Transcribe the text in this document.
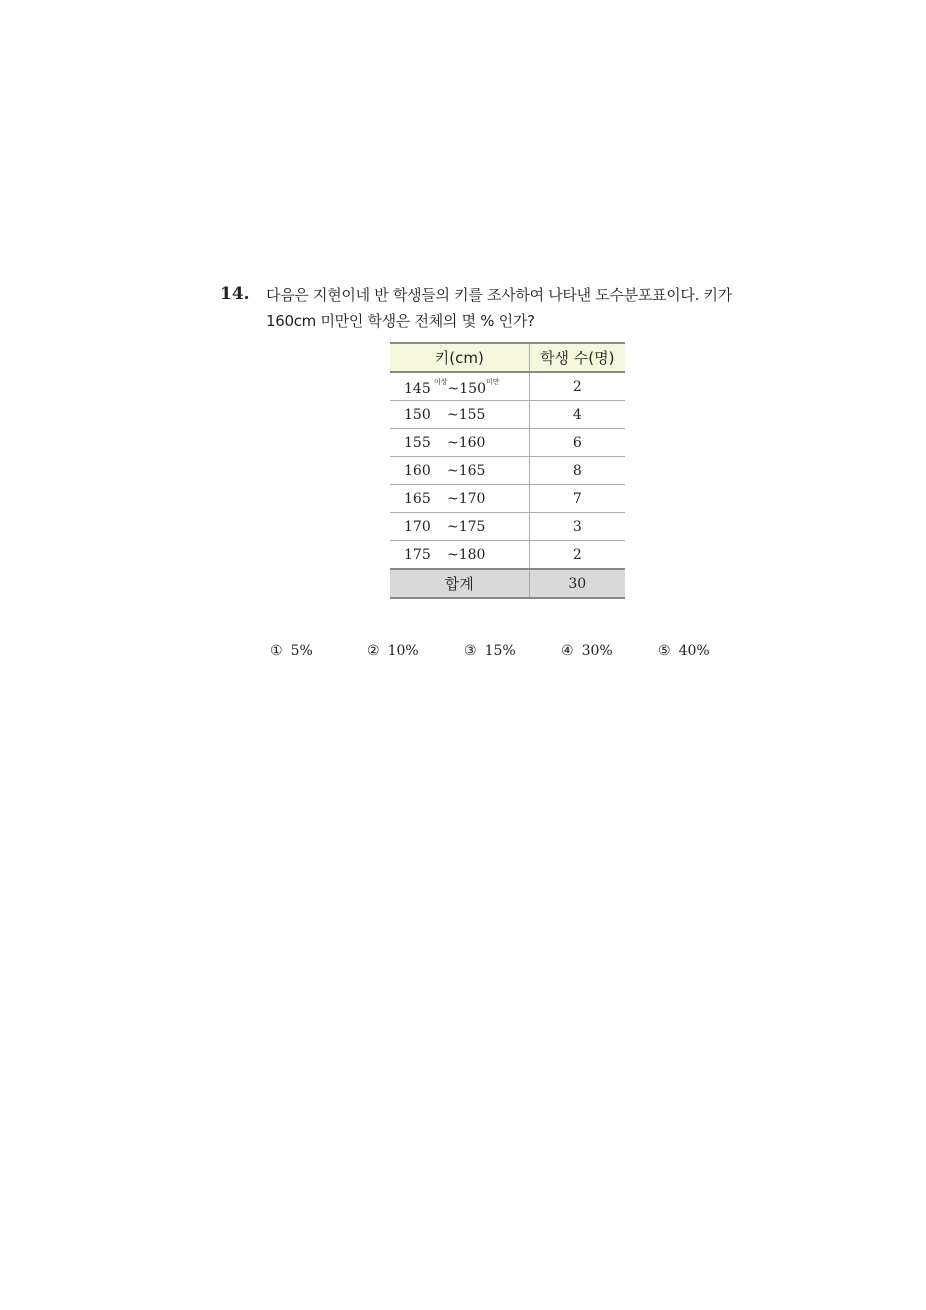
14. 다음은 지현이네 반 학생들의 키를 조사하여 나타낸 도수분포표이다. 키가
160cm 미만인 학생은 전체의 몇 % 인가?
키(cm)	학생 수(명)
145 $^{이상}\sim 150^{미만}$	2
150 ~155	4
155 ~160	6
160 ~165	8
165 ~170	7
170 ~175	3
175 ~180	2
합계	30
① 5%	② 10%	③ 15%	④ 30%	⑤ 40%
